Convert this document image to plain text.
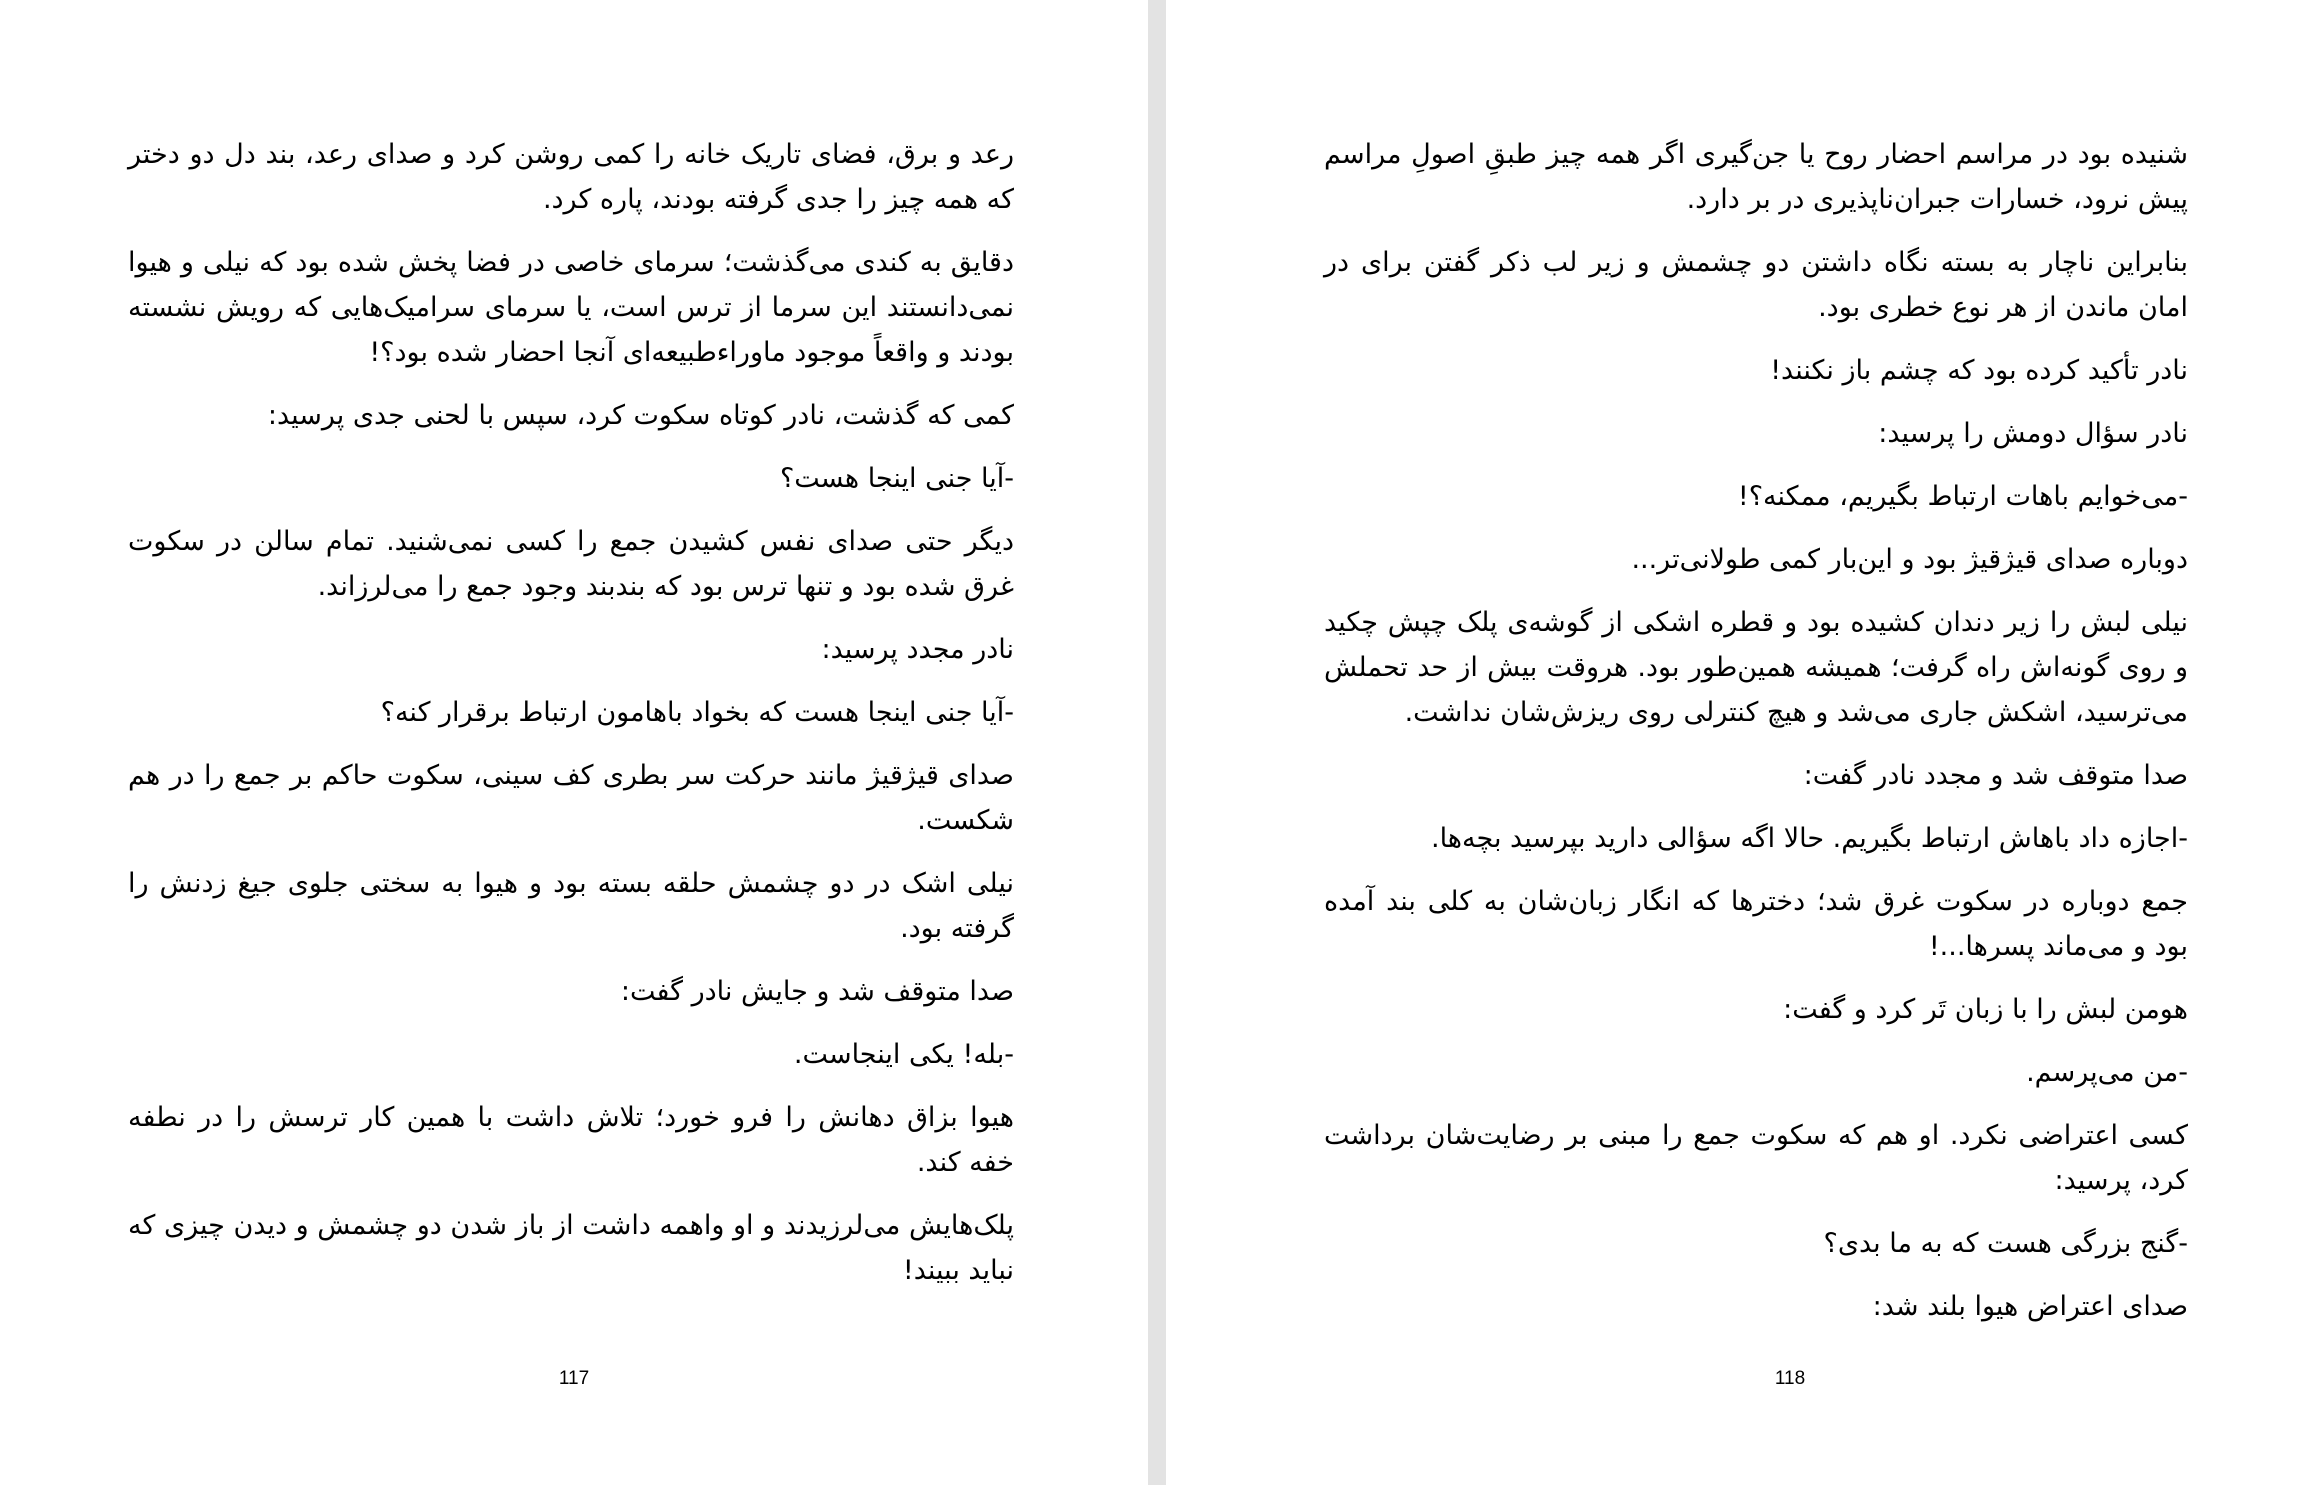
رعد و برق، فضای تاریک خانه را کمی روشن کرد و صدای رعد، بند دل دو دختر که همه چیز را جدی گرفته بودند، پاره کرد.

دقایق به کندی می‌گذشت؛ سرمای خاصی در فضا پخش شده بود که نیلی و هیوا نمی‌دانستند این سرما از ترس است، یا سرمای سرامیک‌هایی که رویش نشسته بودند و واقعاً موجود ماوراءطبیعه‌ای آنجا احضار شده بود؟!

کمی که گذشت، نادر کوتاه سکوت کرد، سپس با لحنی جدی پرسید:

-آیا جنی اینجا هست؟

دیگر حتی صدای نفس کشیدن جمع را کسی نمی‌شنید. تمام سالن در سکوت غرق شده بود و تنها ترس بود که بندبند وجود جمع را می‌لرزاند.

نادر مجدد پرسید:

-آیا جنی اینجا هست که بخواد باهامون ارتباط برقرار کنه؟

صدای قیژقیژ مانند حرکت سر بطری کف سینی، سکوت حاکم بر جمع را در هم شکست.

نیلی اشک در دو چشمش حلقه بسته بود و هیوا به سختی جلوی جیغ زدنش را گرفته بود.

صدا متوقف شد و جایش نادر گفت:

-بله! یکی اینجاست.

هیوا بزاق دهانش را فرو خورد؛ تلاش داشت با همین کار ترسش را در نطفه خفه کند.

پلک‌هایش می‌لرزیدند و او واهمه داشت از باز شدن دو چشمش و دیدن چیزی که نباید ببیند!

117

شنیده بود در مراسم احضار روح یا جن‌گیری اگر همه چیز طبقِ اصولِ مراسم پیش نرود، خسارات جبران‌ناپذیری در بر دارد.

بنابراین ناچار به بسته نگاه داشتن دو چشمش و زیر لب ذکر گفتن برای در امان ماندن از هر نوع خطری بود.

نادر تأکید کرده بود که چشم باز نکنند!

نادر سؤال دومش را پرسید:

-می‌خوایم باهات ارتباط بگیریم، ممکنه؟!

دوباره صدای قیژقیژ بود و این‌بار کمی طولانی‌تر...

نیلی لبش را زیر دندان کشیده بود و قطره اشکی از گوشه‌ی پلک چپش چکید و روی گونه‌اش راه گرفت؛ همیشه همین‌طور بود. هروقت بیش از حد تحملش می‌ترسید، اشکش جاری می‌شد و هیچ کنترلی روی ریزش‌شان نداشت.

صدا متوقف شد و مجدد نادر گفت:

-اجازه داد باهاش ارتباط بگیریم. حالا اگه سؤالی دارید بپرسید بچه‌ها.

جمع دوباره در سکوت غرق شد؛ دخترها که انگار زبان‌شان به کلی بند آمده بود و می‌ماند پسرها...!

هومن لبش را با زبان تَر کرد و گفت:

-من می‌پرسم.

کسی اعتراضی نکرد. او هم که سکوت جمع را مبنی بر رضایت‌شان برداشت کرد، پرسید:

-گنج بزرگی هست که به ما بدی؟

صدای اعتراض هیوا بلند شد:

118
